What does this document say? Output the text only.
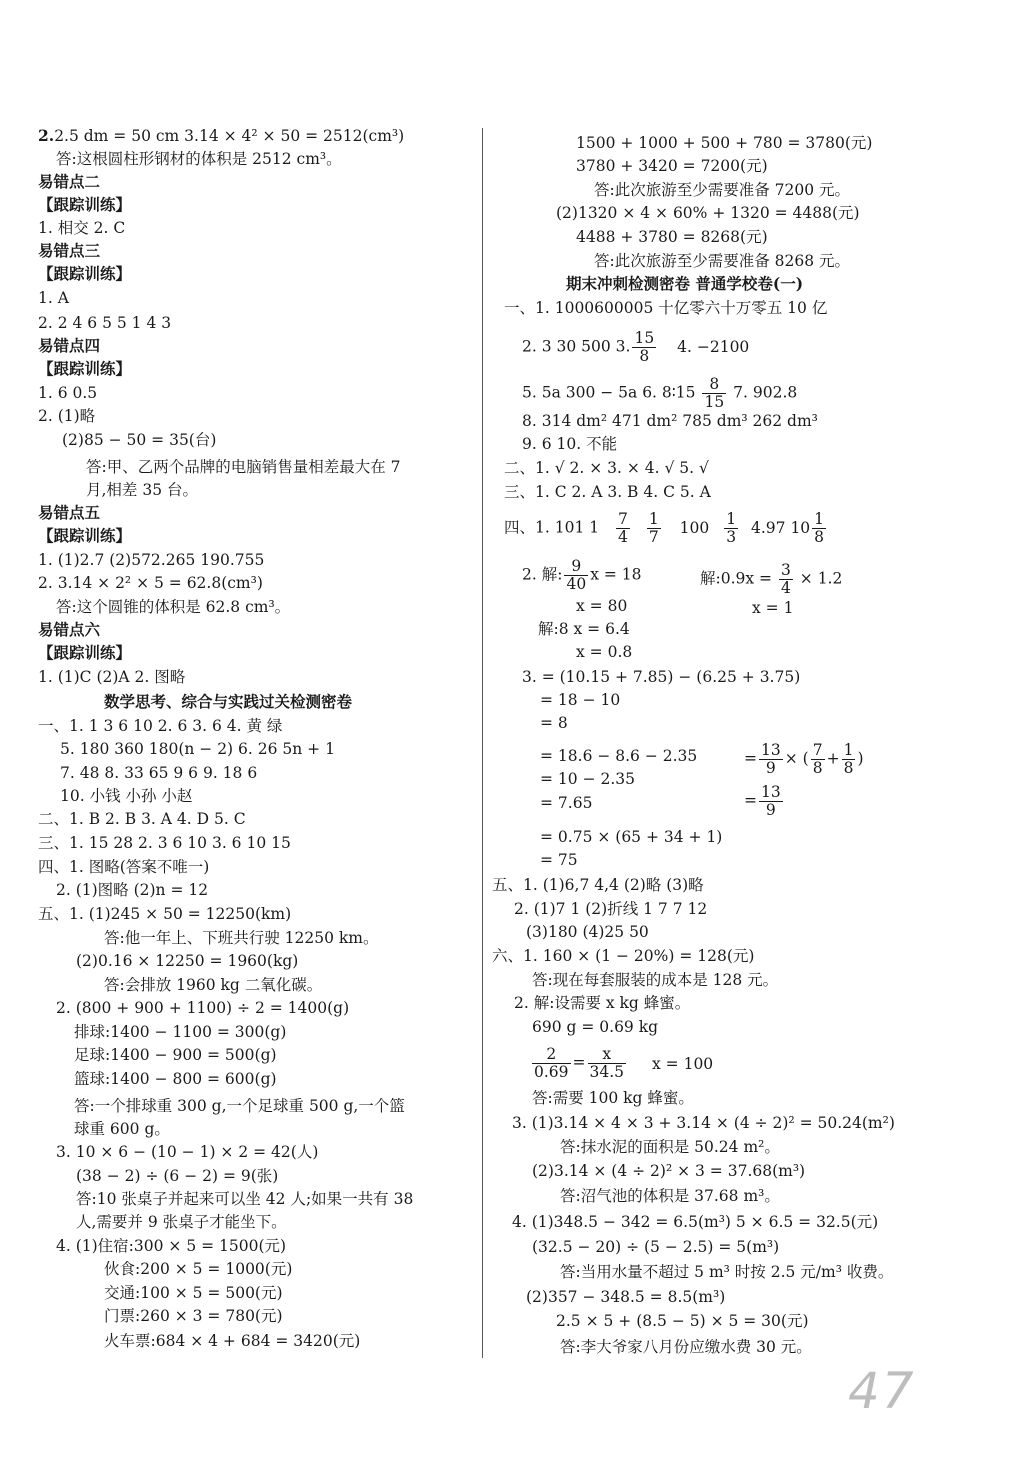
2.2.5 dm = 50 cm 3.14 × 4² × 50 = 2512(cm³)
答:这根圆柱形钢材的体积是 2512 cm³。
易错点二
【跟踪训练】
1. 相交 2. C
易错点三
【跟踪训练】
1. A
2. 2 4 6 5 5 1 4 3
易错点四
【跟踪训练】
1. 6 0.5
2. (1)略
(2)85 − 50 = 35(台)
答:甲、乙两个品牌的电脑销售量相差最大在 7
月,相差 35 台。
易错点五
【跟踪训练】
1. (1)2.7 (2)572.265 190.755
2. 3.14 × 2² × 5 = 62.8(cm³)
答:这个圆锥的体积是 62.8 cm³。
易错点六
【跟踪训练】
1. (1)C (2)A 2. 图略
数学思考、综合与实践过关检测密卷
一、1. 1 3 6 10 2. 6 3. 6 4. 黄 绿
5. 180 360 180(n − 2) 6. 26 5n + 1
7. 48 8. 33 65 9 6 9. 18 6
10. 小钱 小孙 小赵
二、1. B 2. B 3. A 4. D 5. C
三、1. 15 28 2. 3 6 10 3. 6 10 15
四、1. 图略(答案不唯一)
2. (1)图略 (2)n = 12
五、1. (1)245 × 50 = 12250(km)
答:他一年上、下班共行驶 12250 km。
(2)0.16 × 12250 = 1960(kg)
答:会排放 1960 kg 二氧化碳。
2. (800 + 900 + 1100) ÷ 2 = 1400(g)
排球:1400 − 1100 = 300(g)
足球:1400 − 900 = 500(g)
篮球:1400 − 800 = 600(g)
答:一个排球重 300 g,一个足球重 500 g,一个篮
球重 600 g。
3. 10 × 6 − (10 − 1) × 2 = 42(人)
(38 − 2) ÷ (6 − 2) = 9(张)
答:10 张桌子并起来可以坐 42 人;如果一共有 38
人,需要并 9 张桌子才能坐下。
4. (1)住宿:300 × 5 = 1500(元)
伙食:200 × 5 = 1000(元)
交通:100 × 5 = 500(元)
门票:260 × 3 = 780(元)
火车票:684 × 4 + 684 = 3420(元)
1500 + 1000 + 500 + 780 = 3780(元)
3780 + 3420 = 7200(元)
答:此次旅游至少需要准备 7200 元。
(2)1320 × 4 × 60% + 1320 = 4488(元)
4488 + 3780 = 8268(元)
答:此次旅游至少需要准备 8268 元。
期末冲刺检测密卷 普通学校卷(一)
一、1. 1000600005 十亿零六十万零五 10 亿
2. 3 30 500 3. $\frac{15}{8} 4$. −2100
5. 5a 300 − 5a 6. 8∶15 $\frac{8}{15} 7$. 902.8
8. 314 dm² 471 dm² 785 dm³ 262 dm³
9. 6 10. 不能
二、1. √ 2. × 3. × 4. √ 5. √
三、1. C 2. A 3. B 4. C 5. A
四、1. 101 $1 \frac{7}{4}$
$\frac{1}{7} 100 \frac{1}{3} 4.97$ $10 \frac{1}{8}$
2. 解: $\frac{9}{40}$ x = 18	解:0.9x = $\frac{3}{4} \times 1.2$
x = 80	x = 1
解:8 x = 6.4
x = 0.8
3. = (10.15 + 7.85) − (6.25 + 3.75)
= 18 − 10
= 8
= 18.6 − 8.6 − 2.35
= 10 − 2.35
= 7.65
= $\frac{13}{9}$ × ( $\frac{7}{8} + \frac{1}{8}$ )
= $\frac{13}{9}$
= 0.75 × (65 + 34 + 1)
= 75
五、1. (1)6,7 4,4 (2)略 (3)略
2. (1)7 1 (2)折线 1 7 7 12
(3)180 (4)25 50
六、1. 160 × (1 − 20%) = 128(元)
答:现在每套服装的成本是 128 元。
2. 解:设需要 x kg 蜂蜜。
690 g = 0.69 kg
$\frac{2}{0.69} = \frac{x}{34.5}$ x = 100
答:需要 100 kg 蜂蜜。
3. (1)3.14 × 4 × 3 + 3.14 × (4 ÷ 2)² = 50.24(m²)
答:抹水泥的面积是 50.24 m²。
(2)3.14 × (4 ÷ 2)² × 3 = 37.68(m³)
答:沼气池的体积是 37.68 m³。
4. (1)348.5 − 342 = 6.5(m³) 5 × 6.5 = 32.5(元)
(32.5 − 20) ÷ (5 − 2.5) = 5(m³)
答:当用水量不超过 5 m³ 时按 2.5 元/m³ 收费。
(2)357 − 348.5 = 8.5(m³)
2.5 × 5 + (8.5 − 5) × 5 = 30(元)
答:李大爷家八月份应缴水费 30 元。
47
